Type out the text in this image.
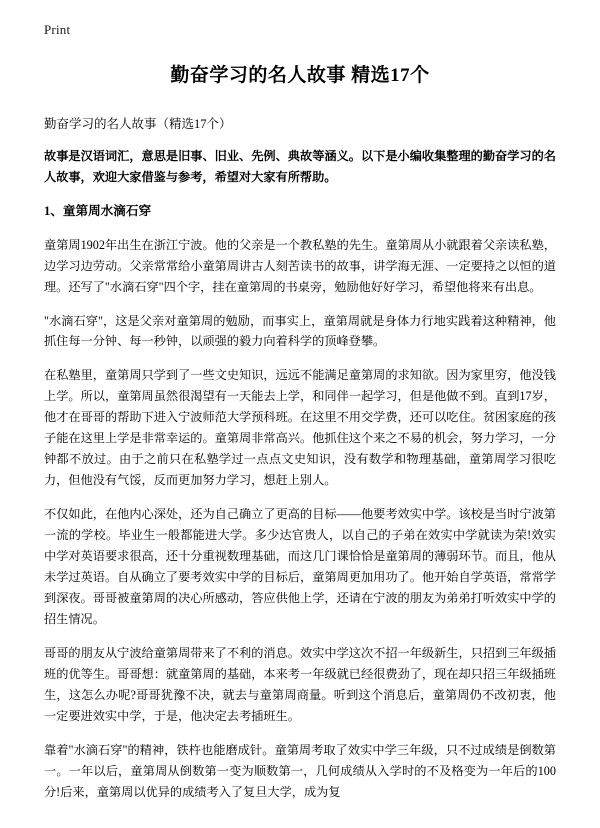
Print
勤奋学习的名人故事 精选17个
勤奋学习的名人故事（精选17个）

故事是汉语词汇，意思是旧事、旧业、先例、典故等涵义。以下是小编收集整理的勤奋学习的名人故事，欢迎大家借鉴与参考，希望对大家有所帮助。

1、童第周水滴石穿

童第周1902年出生在浙江宁波。他的父亲是一个教私塾的先生。童第周从小就跟着父亲读私塾，边学习边劳动。父亲常常给小童第周讲古人刻苦读书的故事，讲学海无涯、一定要持之以恒的道理。还写了"水滴石穿"四个字，挂在童第周的书桌旁，勉励他好好学习，希望他将来有出息。

"水滴石穿"，这是父亲对童第周的勉励，而事实上，童第周就是身体力行地实践着这种精神，他抓住每一分钟、每一秒钟，以顽强的毅力向着科学的顶峰登攀。

在私塾里，童第周只学到了一些文史知识，远远不能满足童第周的求知欲。因为家里穷，他没钱上学。所以，童第周虽然很渴望有一天能去上学，和同伴一起学习，但是他做不到。直到17岁，他才在哥哥的帮助下进入宁波师范大学预科班。在这里不用交学费，还可以吃住。贫困家庭的孩子能在这里上学是非常幸运的。童第周非常高兴。他抓住这个来之不易的机会，努力学习，一分钟都不放过。由于之前只在私塾学过一点点文史知识，没有数学和物理基础，童第周学习很吃力，但他没有气馁，反而更加努力学习，想赶上别人。

不仅如此，在他内心深处，还为自己确立了更高的目标——他要考效实中学。该校是当时宁波第一流的学校。毕业生一般都能进大学。多少达官贵人，以自己的子弟在效实中学就读为荣!效实中学对英语要求很高，还十分重视数理基础，而这几门课恰恰是童第周的薄弱环节。而且，他从未学过英语。自从确立了要考效实中学的目标后，童第周更加用功了。他开始自学英语，常常学到深夜。哥哥被童第周的决心所感动，答应供他上学，还请在宁波的朋友为弟弟打听效实中学的招生情况。

哥哥的朋友从宁波给童第周带来了不利的消息。效实中学这次不招一年级新生，只招到三年级插班的优等生。哥哥想：就童第周的基础，本来考一年级就已经很费劲了，现在却只招三年级插班生，这怎么办呢?哥哥犹豫不决，就去与童第周商量。听到这个消息后，童第周仍不改初衷，他一定要进效实中学，于是，他决定去考插班生。

靠着"水滴石穿"的精神，铁杵也能磨成针。童第周考取了效实中学三年级，只不过成绩是倒数第一。一年以后，童第周从倒数第一变为顺数第一，几何成绩从入学时的不及格变为一年后的100分!后来，童第周以优异的成绩考入了复旦大学，成为复
